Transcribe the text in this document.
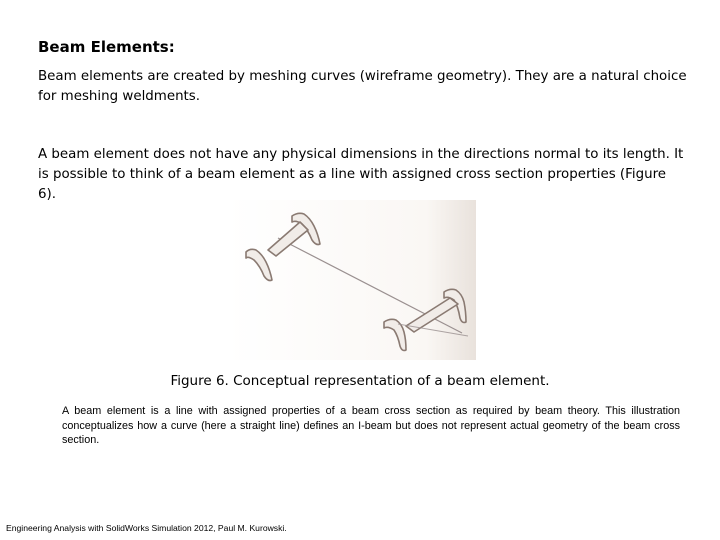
Beam Elements:

Beam elements are created by meshing curves (wireframe geometry). They are a natural choice for meshing weldments.

A beam element does not have any physical dimensions in the directions normal to its length. It is possible to think of a beam element as a line with assigned cross section properties (Figure 6).

Figure 6. Conceptual representation of a beam element.

A beam element is a line with assigned properties of a beam cross section as required by beam theory. This illustration conceptualizes how a curve (here a straight line) defines an I-beam but does not represent actual geometry of the beam cross section.

Engineering Analysis with SolidWorks Simulation 2012, Paul M. Kurowski.
